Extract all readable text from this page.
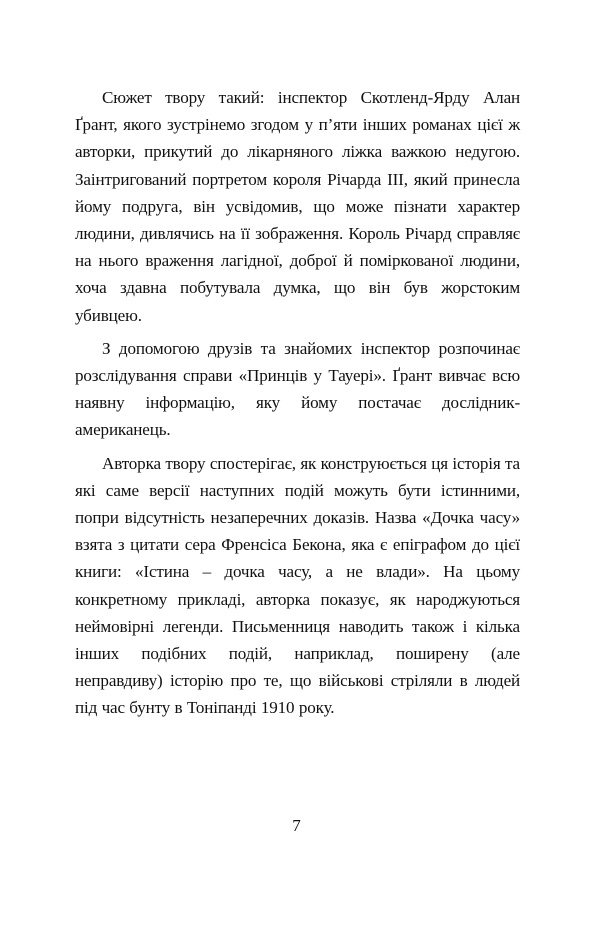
Сюжет твору такий: інспектор Скотленд-Ярду Алан Ґрант, якого зустрінемо згодом у п’яти інших романах цієї ж авторки, прикутий до лікарняного ліжка важкою недугою. Заінтригований портретом короля Річарда ІІІ, який принесла йому подруга, він усвідомив, що може пізнати характер людини, дивлячись на її зображення. Король Річард справляє на нього враження лагідної, доброї й поміркованої людини, хоча здавна побутувала думка, що він був жорстоким убивцею.

З допомогою друзів та знайомих інспектор розпочинає розслідування справи «Принців у Тауері». Ґрант вивчає всю наявну інформацію, яку йому постачає дослідник-американець.

Авторка твору спостерігає, як конструюється ця історія та які саме версії наступних подій можуть бути істинними, попри відсутність незаперечних доказів. Назва «Дочка часу» взята з цитати сера Френсіса Бекона, яка є епіграфом до цієї книги: «Істина – дочка часу, а не влади». На цьому конкретному прикладі, авторка показує, як народжуються неймовірні легенди. Письменниця наводить також і кілька інших подібних подій, наприклад, поширену (але неправдиву) історію про те, що військові стріляли в людей під час бунту в Тоніпанді 1910 року.

7
